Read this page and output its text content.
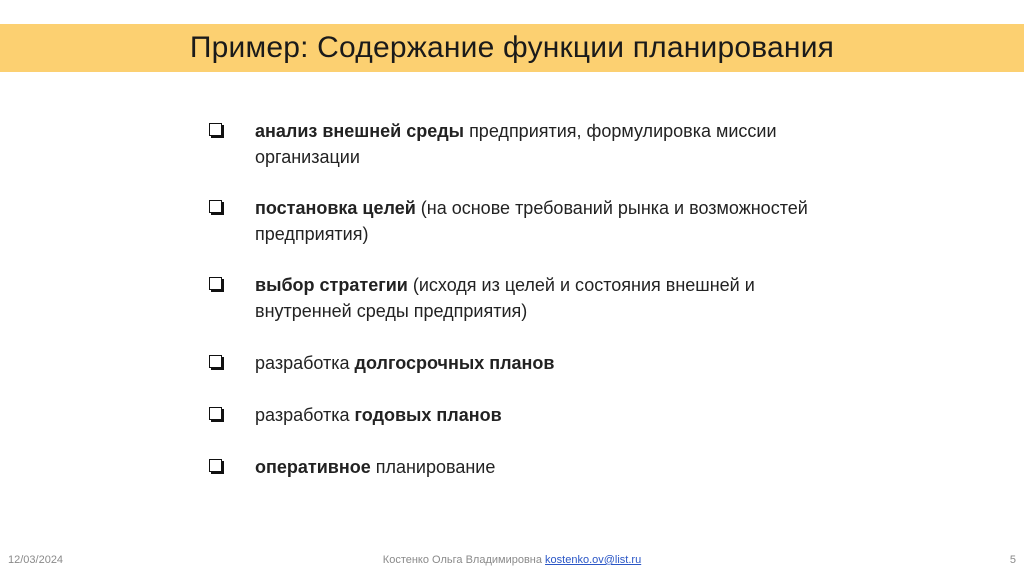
Пример: Содержание функции планирования
анализ внешней среды предприятия, формулировка миссии организации
постановка целей (на основе требований рынка и возможностей предприятия)
выбор стратегии (исходя из целей и состояния внешней и внутренней среды предприятия)
разработка долгосрочных планов
разработка годовых планов
оперативное планирование
12/03/2024	Костенко Ольга Владимировна kostenko.ov@list.ru	5
